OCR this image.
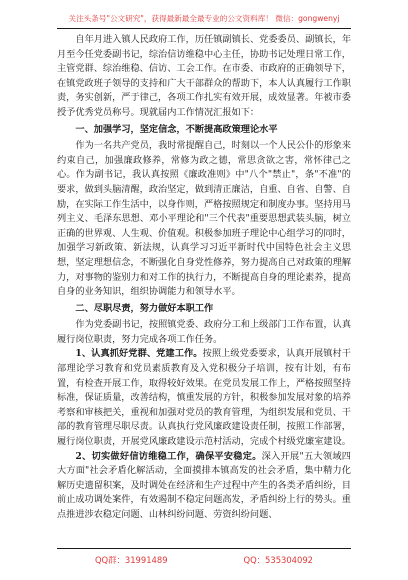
关注头条号"公文研究"，获得最新最全最专业的公文资料库！ 微信：gongwenyj

自年月进入镇人民政府工作，历任镇副镇长、党委委员、副镇长，年月至今任党委副书记，综治信访维稳中心主任，协助书记处理日常工作，主管党群、综治维稳、信访、工会工作。在市委、市政府的正确领导下，在镇党政班子领导的支持和广大干部群众的帮助下，本人认真履行工作职责，务实创新，严于律己，各项工作扎实有效开展，成效显著。年被市委授予优秀党员称号。现就届内工作情况汇报如下：

一、加强学习，坚定信念，不断提高政策理论水平

作为一名共产党员，我时常提醒自己，时刻以一个人民公仆的形象来约束自己，加强廉政修养，常修为政之德，常思贪欲之害，常怀律己之心。作为副书记，我认真按照《廉政准则》中"八个"禁止"，条"不准"的要求，做到头脑清醒，政治坚定，做到清正廉洁，自重、自省、自警、自励，在实际工作生活中，以身作则，严格按照规定和制度办事。坚持用马列主义、毛泽东思想、邓小平理论和"三个代表"重要思想武装头脑，树立正确的世界观、人生观、价值观。积极参加班子理论中心组学习的同时，加强学习新政策、新法规，认真学习习近平新时代中国特色社会主义思想，坚定理想信念，不断强化自身党性修养，努力提高自己对政策的理解力，对事物的鉴别力和对工作的执行力，不断提高自身的理论素养，提高自身的业务知识，组织协调能力和领导水平。

二、尽职尽责，努力做好本职工作

作为党委副书记，按照镇党委、政府分工和上级部门工作布置，认真履行岗位职责，努力完成各项工作任务。

1、认真抓好党群、党建工作。按照上级党委要求，认真开展镇村干部理论学习教育和党员素质教育及入党积极分子培训，按有计划，有布置，有检查开展工作，取得较好效果。在党员发展工作上，严格按照坚持标准，保证质量，改善结构，慎重发展的方针，积极参加发展对象的培养考察和审核把关，重视和加强对党员的教育管理，为组织发展和党员、干部的教育管理尽职尽责。认真执行党风廉政建设责任制，按照工作部署，履行岗位职责，开展党风廉政建设示范村活动，完成个村级党廉室建设。

2、切实做好信访维稳工作，确保平安稳定。深入开展"五大领域四大方面"社会矛盾化解活动，全面摸排本镇高发的社会矛盾，集中精力化解历史遗留积案，及时调处在经济和生产过程中产生的各类矛盾纠纷，目前止成功调处案件，有效遏制不稳定问题高发，矛盾纠纷上行的势头。重点推进涉农稳定问题、山林纠纷问题、劳资纠纷问题、

QQ群：31991489	QQ：535304092
